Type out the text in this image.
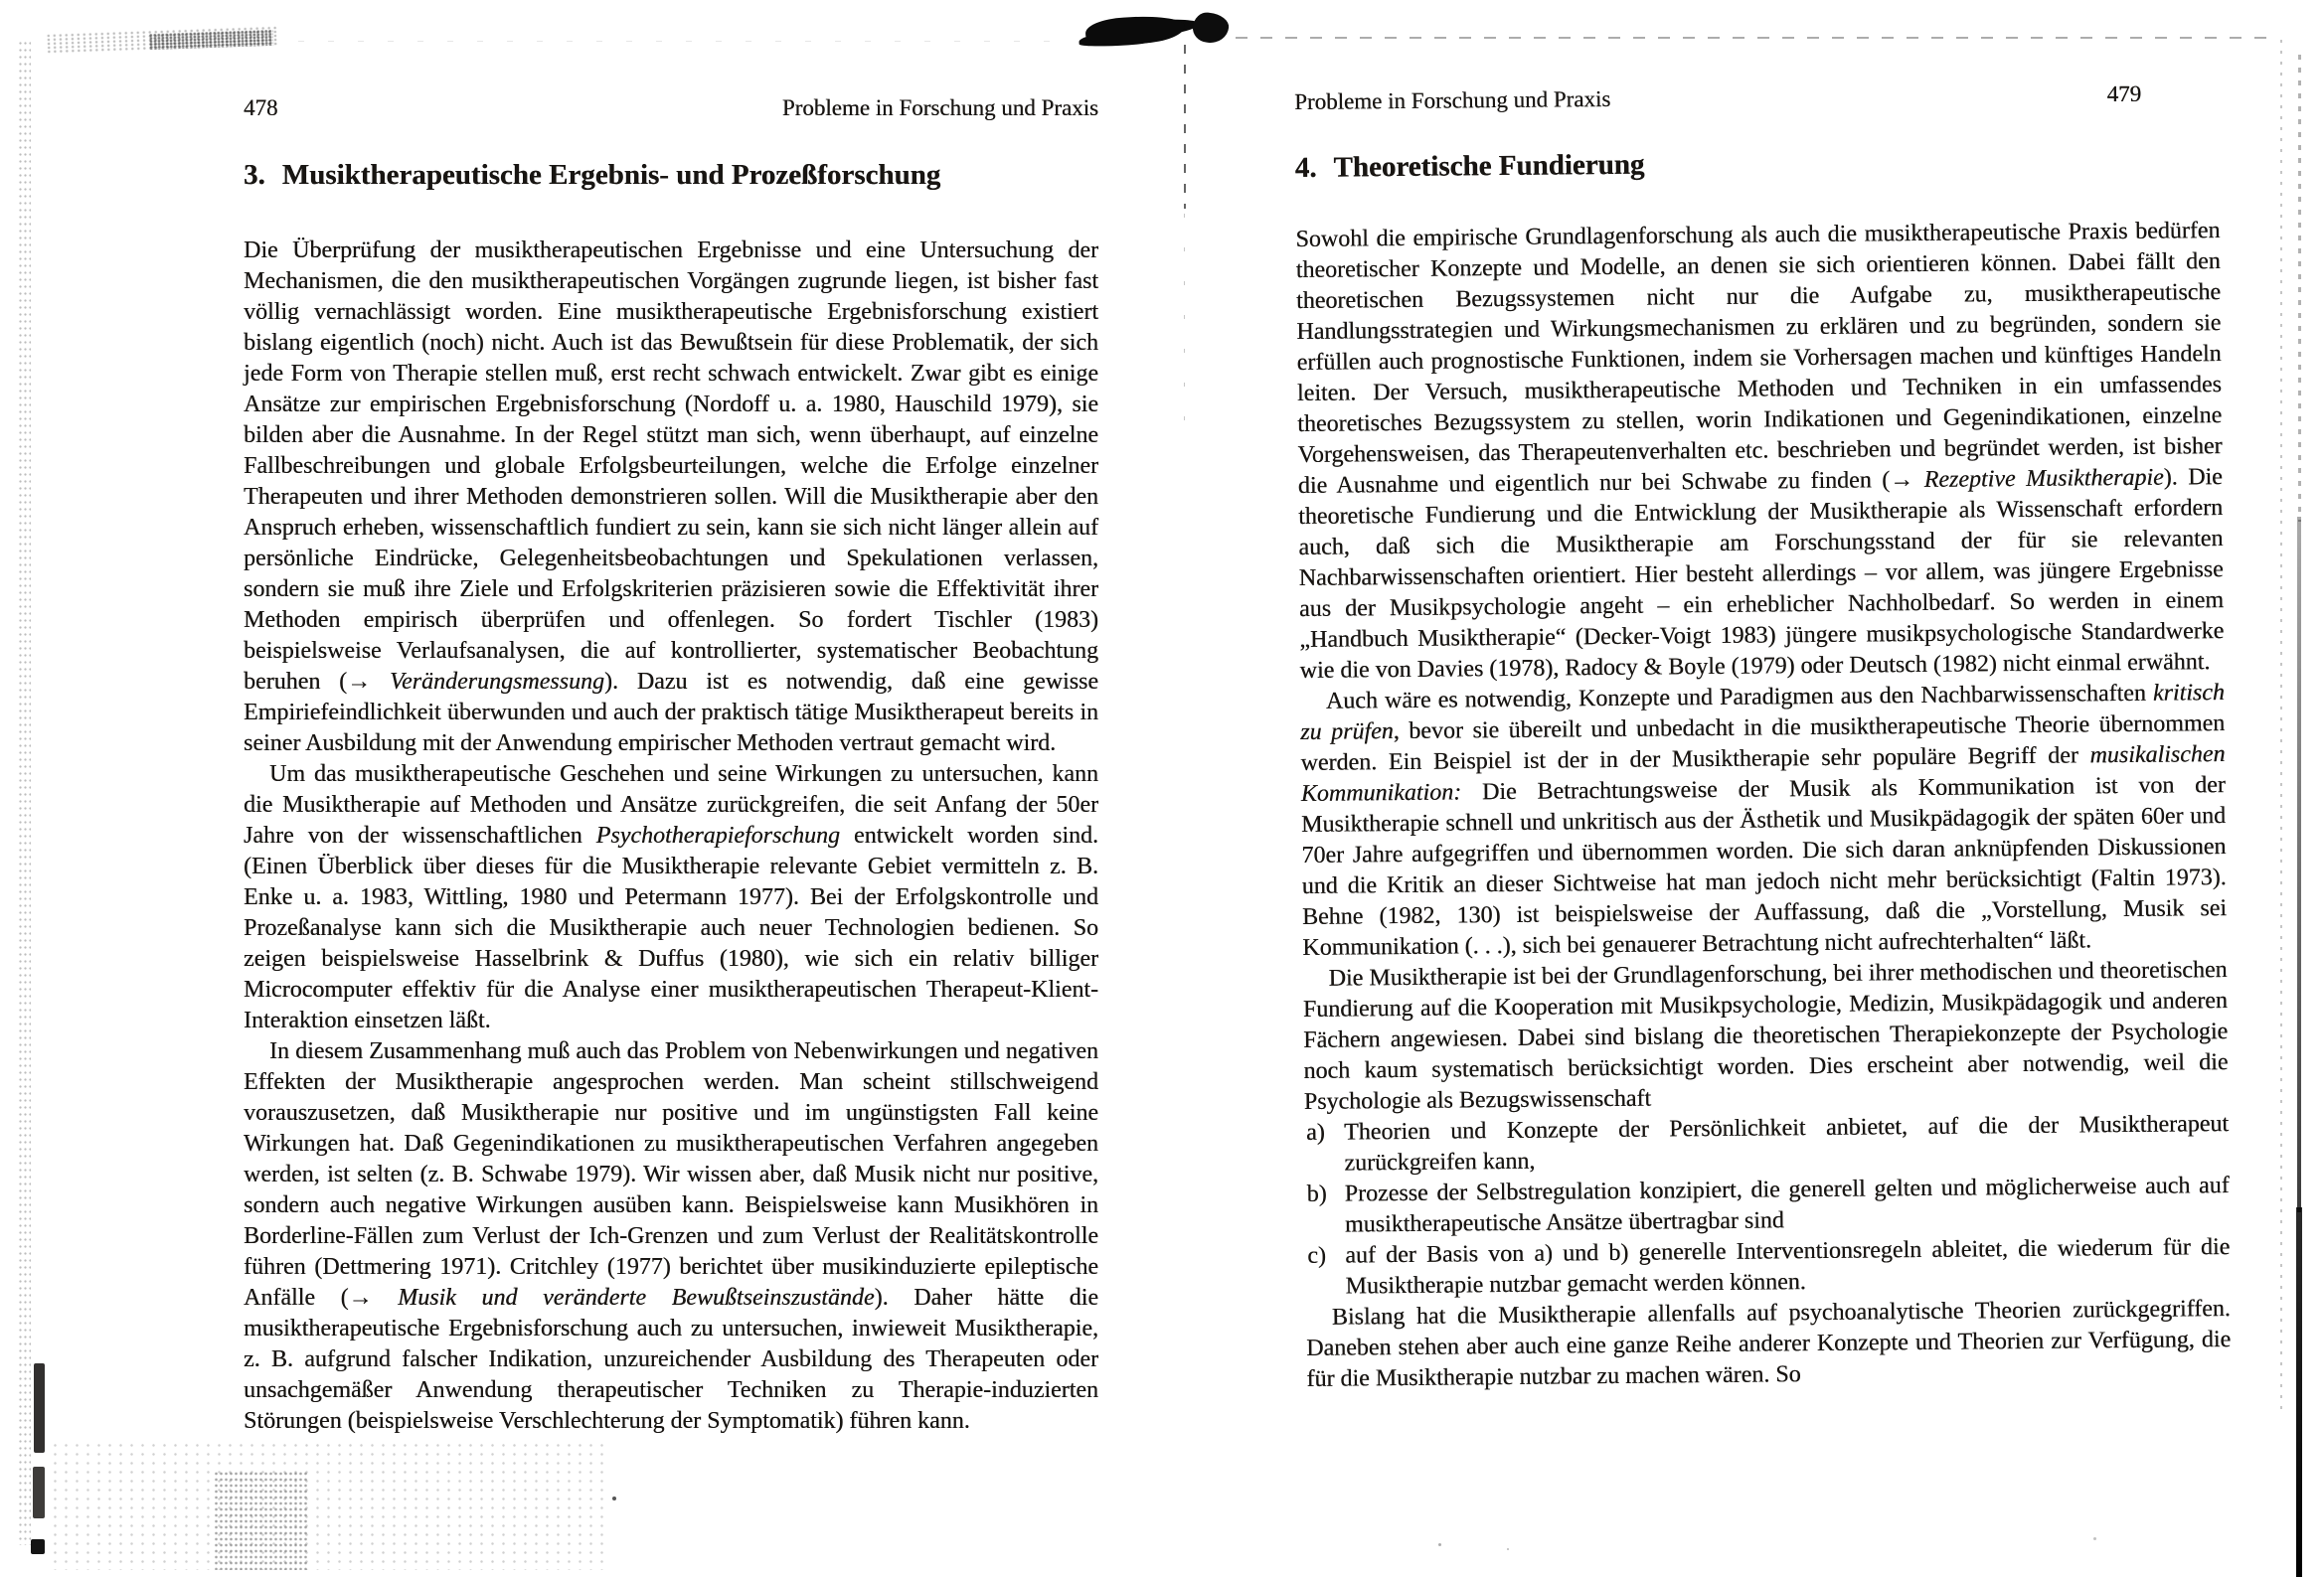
478	Probleme in Forschung und Praxis
3. Musiktherapeutische Ergebnis- und Prozeßforschung
Die Überprüfung der musiktherapeutischen Ergebnisse und eine Untersuchung der Mechanismen, die den musiktherapeutischen Vorgängen zugrunde liegen, ist bisher fast völlig vernachlässigt worden. Eine musiktherapeutische Ergebnisforschung existiert bislang eigentlich (noch) nicht. Auch ist das Bewußtsein für diese Problematik, der sich jede Form von Therapie stellen muß, erst recht schwach entwickelt. Zwar gibt es einige Ansätze zur empirischen Ergebnisforschung (Nordoff u. a. 1980, Hauschild 1979), sie bilden aber die Ausnahme. In der Regel stützt man sich, wenn überhaupt, auf einzelne Fallbeschreibungen und globale Erfolgsbeurteilungen, welche die Erfolge einzelner Therapeuten und ihrer Methoden demonstrieren sollen. Will die Musiktherapie aber den Anspruch erheben, wissenschaftlich fundiert zu sein, kann sie sich nicht länger allein auf persönliche Eindrücke, Gelegenheitsbeobachtungen und Spekulationen verlassen, sondern sie muß ihre Ziele und Erfolgskriterien präzisieren sowie die Effektivität ihrer Methoden empirisch überprüfen und offenlegen. So fordert Tischler (1983) beispielsweise Verlaufsanalysen, die auf kontrollierter, systematischer Beobachtung beruhen (→ Veränderungsmessung). Dazu ist es notwendig, daß eine gewisse Empiriefeindlichkeit überwunden und auch der praktisch tätige Musiktherapeut bereits in seiner Ausbildung mit der Anwendung empirischer Methoden vertraut gemacht wird.
Um das musiktherapeutische Geschehen und seine Wirkungen zu untersuchen, kann die Musiktherapie auf Methoden und Ansätze zurückgreifen, die seit Anfang der 50er Jahre von der wissenschaftlichen Psychotherapieforschung entwickelt worden sind. (Einen Überblick über dieses für die Musiktherapie relevante Gebiet vermitteln z. B. Enke u. a. 1983, Wittling, 1980 und Petermann 1977). Bei der Erfolgskontrolle und Prozeßanalyse kann sich die Musiktherapie auch neuer Technologien bedienen. So zeigen beispielsweise Hasselbrink & Duffus (1980), wie sich ein relativ billiger Microcomputer effektiv für die Analyse einer musiktherapeutischen Therapeut-Klient-Interaktion einsetzen läßt.
In diesem Zusammenhang muß auch das Problem von Nebenwirkungen und negativen Effekten der Musiktherapie angesprochen werden. Man scheint stillschweigend vorauszusetzen, daß Musiktherapie nur positive und im ungünstigsten Fall keine Wirkungen hat. Daß Gegenindikationen zu musiktherapeutischen Verfahren angegeben werden, ist selten (z. B. Schwabe 1979). Wir wissen aber, daß Musik nicht nur positive, sondern auch negative Wirkungen ausüben kann. Beispielsweise kann Musikhören in Borderline-Fällen zum Verlust der Ich-Grenzen und zum Verlust der Realitätskontrolle führen (Dettmering 1971). Critchley (1977) berichtet über musikinduzierte epileptische Anfälle (→ Musik und veränderte Bewußtseinszustände). Daher hätte die musiktherapeutische Ergebnisforschung auch zu untersuchen, inwieweit Musiktherapie, z. B. aufgrund falscher Indikation, unzureichender Ausbildung des Therapeuten oder unsachgemäßer Anwendung therapeutischer Techniken zu Therapie-induzierten Störungen (beispielsweise Verschlechterung der Symptomatik) führen kann.
Probleme in Forschung und Praxis	479
4. Theoretische Fundierung
Sowohl die empirische Grundlagenforschung als auch die musiktherapeutische Praxis bedürfen theoretischer Konzepte und Modelle, an denen sie sich orientieren können. Dabei fällt den theoretischen Bezugssystemen nicht nur die Aufgabe zu, musiktherapeutische Handlungsstrategien und Wirkungsmechanismen zu erklären und zu begründen, sondern sie erfüllen auch prognostische Funktionen, indem sie Vorhersagen machen und künftiges Handeln leiten. Der Versuch, musiktherapeutische Methoden und Techniken in ein umfassendes theoretisches Bezugssystem zu stellen, worin Indikationen und Gegenindikationen, einzelne Vorgehensweisen, das Therapeutenverhalten etc. beschrieben und begründet werden, ist bisher die Ausnahme und eigentlich nur bei Schwabe zu finden (→ Rezeptive Musiktherapie). Die theoretische Fundierung und die Entwicklung der Musiktherapie als Wissenschaft erfordern auch, daß sich die Musiktherapie am Forschungsstand der für sie relevanten Nachbarwissenschaften orientiert. Hier besteht allerdings – vor allem, was jüngere Ergebnisse aus der Musikpsychologie angeht – ein erheblicher Nachholbedarf. So werden in einem „Handbuch Musiktherapie“ (Decker-Voigt 1983) jüngere musikpsychologische Standardwerke wie die von Davies (1978), Radocy & Boyle (1979) oder Deutsch (1982) nicht einmal erwähnt.
Auch wäre es notwendig, Konzepte und Paradigmen aus den Nachbarwissenschaften kritisch zu prüfen, bevor sie übereilt und unbedacht in die musiktherapeutische Theorie übernommen werden. Ein Beispiel ist der in der Musiktherapie sehr populäre Begriff der musikalischen Kommunikation: Die Betrachtungsweise der Musik als Kommunikation ist von der Musiktherapie schnell und unkritisch aus der Ästhetik und Musikpädagogik der späten 60er und 70er Jahre aufgegriffen und übernommen worden. Die sich daran anknüpfenden Diskussionen und die Kritik an dieser Sichtweise hat man jedoch nicht mehr berücksichtigt (Faltin 1973). Behne (1982, 130) ist beispielsweise der Auffassung, daß die „Vorstellung, Musik sei Kommunikation (. . .), sich bei genauerer Betrachtung nicht aufrechterhalten“ läßt.
Die Musiktherapie ist bei der Grundlagenforschung, bei ihrer methodischen und theoretischen Fundierung auf die Kooperation mit Musikpsychologie, Medizin, Musikpädagogik und anderen Fächern angewiesen. Dabei sind bislang die theoretischen Therapiekonzepte der Psychologie noch kaum systematisch berücksichtigt worden. Dies erscheint aber notwendig, weil die Psychologie als Bezugswissenschaft
a) Theorien und Konzepte der Persönlichkeit anbietet, auf die der Musiktherapeut zurückgreifen kann,
b) Prozesse der Selbstregulation konzipiert, die generell gelten und möglicherweise auch auf musiktherapeutische Ansätze übertragbar sind
c) auf der Basis von a) und b) generelle Interventionsregeln ableitet, die wiederum für die Musiktherapie nutzbar gemacht werden können.
Bislang hat die Musiktherapie allenfalls auf psychoanalytische Theorien zurückgegriffen. Daneben stehen aber auch eine ganze Reihe anderer Konzepte und Theorien zur Verfügung, die für die Musiktherapie nutzbar zu machen wären. So
